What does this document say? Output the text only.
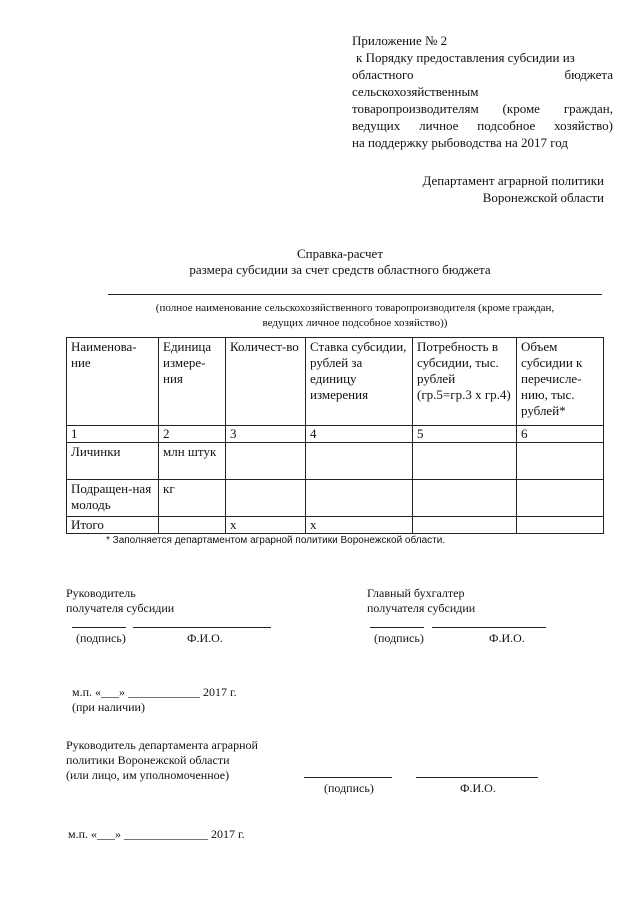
Приложение № 2
к Порядку предоставления субсидии из
областного бюджета
сельскохозяйственным
товаропроизводителям (кроме граждан,
ведущих личное подсобное хозяйство)
на поддержку рыбоводства на 2017 год
Департамент аграрной политики
Воронежской области
Справка-расчет
размера субсидии за счет средств областного бюджета
(полное наименование сельскохозяйственного товаропроизводителя (кроме граждан,
ведущих личное подсобное хозяйство))
Наименова-ние	Единица измере-ния	Количест-во	Ставка субсидии, рублей за единицу измерения	Потребность в субсидии, тыс. рублей (гр.5=гр.3 х гр.4)	Объем субсидии к перечисле-нию, тыс. рублей*
1	2	3	4	5	6
Личинки	млн штук				
Подращен-ная молодь	кг				
Итого		х	х		
* Заполняется департаментом аграрной политики Воронежской области.
Руководитель
получателя субсидии
(подпись)	Ф.И.О.
Главный бухгалтер
получателя субсидии
(подпись)	Ф.И.О.
м.п. «___» ____________ 2017 г.
(при наличии)
Руководитель департамента аграрной
политики Воронежской области
(или лицо, им уполномоченное)
(подпись)	Ф.И.О.
м.п. «___» ______________ 2017 г.
